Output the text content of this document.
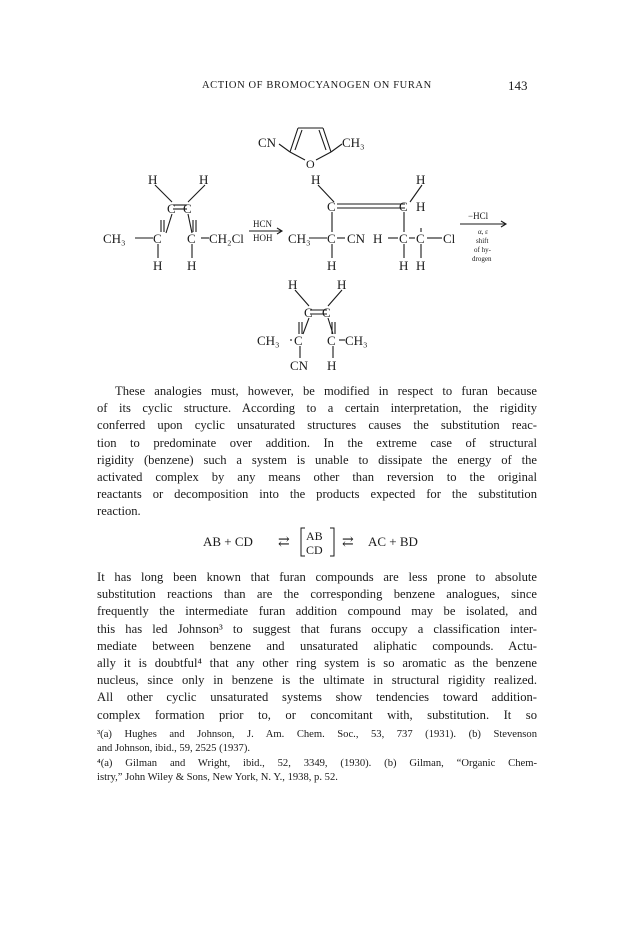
ACTION OF BROMOCYANOGEN ON FURAN	143
CN	CH₃
O
H	H
C C
CH₃ C C CH₂Cl
H H
HCN
HOH
H	H
C	C H
CH₃ C CN H C C Cl
H	H H
−HCl
α, ε
shift
of hy-
drogen
H	H
C C
CH₃ C C CH₃
CN H
AB + CD ⇄ AB
CD ⇄ AC + BD
These analogies must, however, be modified in respect to furan because
of its cyclic structure. According to a certain interpretation, the rigidity
conferred upon cyclic unsaturated structures causes the substitution reac-
tion to predominate over addition. In the extreme case of structural
rigidity (benzene) such a system is unable to dissipate the energy of the
activated complex by any means other than reversion to the original
reactants or decomposition into the products expected for the substitution
reaction.
It has long been known that furan compounds are less prone to absolute
substitution reactions than are the corresponding benzene analogues, since
frequently the intermediate furan addition compound may be isolated, and
this has led Johnson³ to suggest that furans occupy a classification inter-
mediate between benzene and unsaturated aliphatic compounds. Actu-
ally it is doubtful⁴ that any other ring system is so aromatic as the benzene
nucleus, since only in benzene is the ultimate in structural rigidity realized.
All other cyclic unsaturated systems show tendencies toward addition-
complex formation prior to, or concomitant with, substitution. It so
³(a) Hughes and Johnson, J. Am. Chem. Soc., 53, 737 (1931). (b) Stevenson
and Johnson, ibid., 59, 2525 (1937).
⁴(a) Gilman and Wright, ibid., 52, 3349, (1930). (b) Gilman, “Organic Chem-
istry,” John Wiley & Sons, New York, N. Y., 1938, p. 52.
